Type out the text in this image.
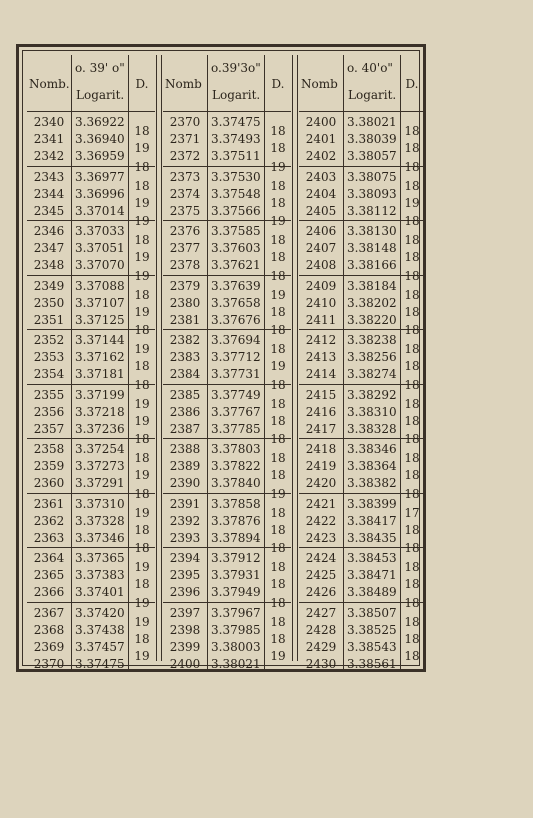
Nomb.
2340
2341
2342
2343
2344
2345
2346
2347
2348
2349
2350
2351
2352
2353
2354
2355
2356
2357
2358
2359
2360
2361
2362
2363
2364
2365
2366
2367
2368
2369
2370
o. 39' o"
Logarit.
3.36922
3.36940
3.36959
3.36977
3.36996
3.37014
3.37033
3.37051
3.37070
3.37088
3.37107
3.37125
3.37144
3.37162
3.37181
3.37199
3.37218
3.37236
3.37254
3.37273
3.37291
3.37310
3.37328
3.37346
3.37365
3.37383
3.37401
3.37420
3.37438
3.37457
3.37475
D.
18
19
18
18
19
19
18
19
19
18
19
18
19
18
18
19
19
18
18
19
18
19
18
18
19
18
19
19
18
19
Nomb
2370
2371
2372
2373
2374
2375
2376
2377
2378
2379
2380
2381
2382
2383
2384
2385
2386
2387
2388
2389
2390
2391
2392
2393
2394
2395
2396
2397
2398
2399
2400
o.39'3o"
Logarit.
3.37475
3.37493
3.37511
3.37530
3.37548
3.37566
3.37585
3.37603
3.37621
3.37639
3.37658
3.37676
3.37694
3.37712
3.37731
3.37749
3.37767
3.37785
3.37803
3.37822
3.37840
3.37858
3.37876
3.37894
3.37912
3.37931
3.37949
3.37967
3.37985
3.38003
3.38021
D.
18
18
19
18
18
19
18
18
18
19
18
18
18
19
18
18
18
18
18
18
19
18
18
18
18
18
18
18
18
19
Nomb
2400
2401
2402
2403
2404
2405
2406
2407
2408
2409
2410
2411
2412
2413
2414
2415
2416
2417
2418
2419
2420
2421
2422
2423
2424
2425
2426
2427
2428
2429
2430
o. 40'o"
Logarit.
3.38021
3.38039
3.38057
3.38075
3.38093
3.38112
3.38130
3.38148
3.38166
3.38184
3.38202
3.38220
3.38238
3.38256
3.38274
3.38292
3.38310
3.38328
3.38346
3.38364
3.38382
3.38399
3.38417
3.38435
3.38453
3.38471
3.38489
3.38507
3.38525
3.38543
3.38561
D.
18
18
18
18
19
18
18
18
18
18
18
18
18
18
18
18
18
18
18
18
18
17
18
18
18
18
18
18
18
18
